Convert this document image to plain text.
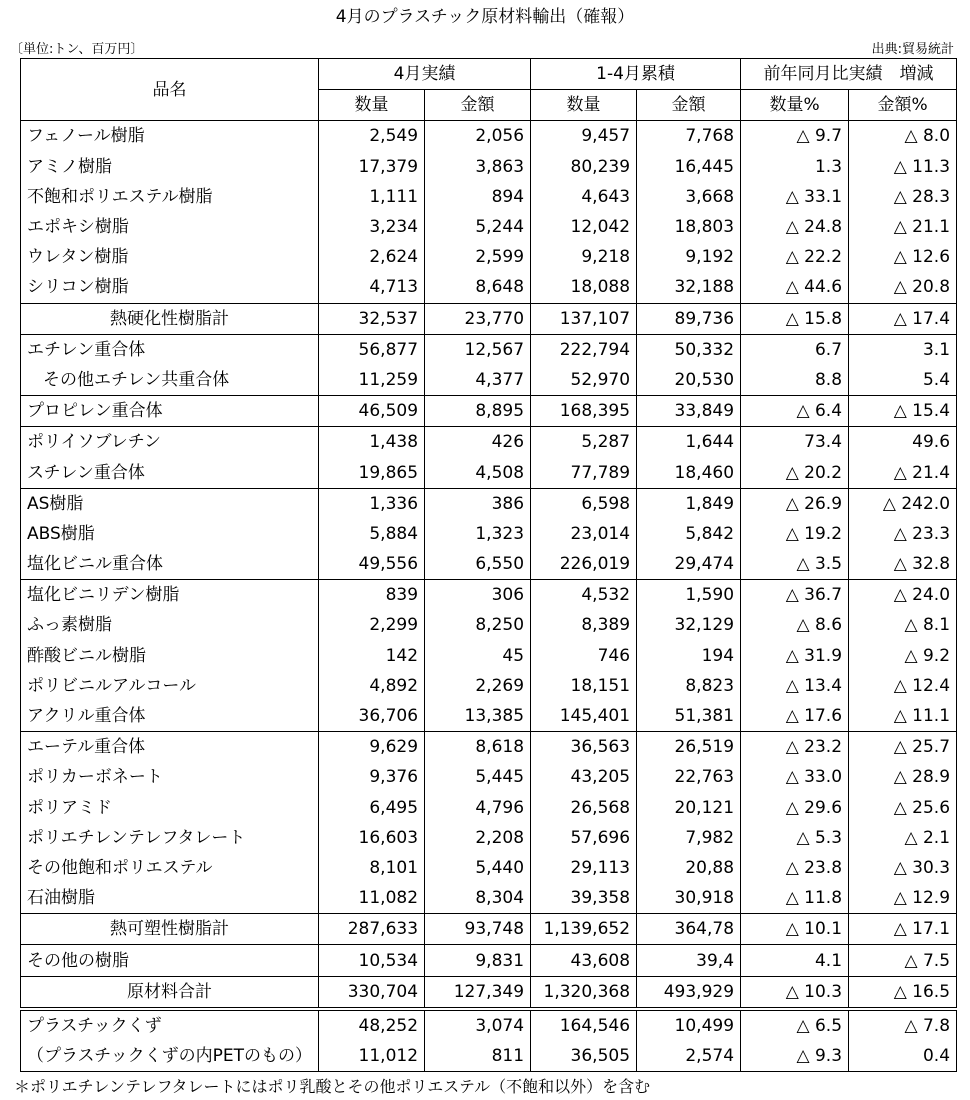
4月のプラスチック原材料輸出（確報）
〔単位:トン、百万円〕	出典:貿易統計
品名	4月実績		1-4月累積		前年同月比実績　増減	
	数量	金額	数量	金額	数量%	金額%
フェノール樹脂	2,549	2,056	9,457	7,768	△ 9.7	△ 8.0
アミノ樹脂	17,379	3,863	80,239	16,445	1.3	△ 11.3
不飽和ポリエステル樹脂	1,111	894	4,643	3,668	△ 33.1	△ 28.3
エポキシ樹脂	3,234	5,244	12,042	18,803	△ 24.8	△ 21.1
ウレタン樹脂	2,624	2,599	9,218	9,192	△ 22.2	△ 12.6
シリコン樹脂	4,713	8,648	18,088	32,188	△ 44.6	△ 20.8
熱硬化性樹脂計	32,537	23,770	137,107	89,736	△ 15.8	△ 17.4
エチレン重合体	56,877	12,567	222,794	50,332	6.7	3.1
その他エチレン共重合体	11,259	4,377	52,970	20,530	8.8	5.4
プロピレン重合体	46,509	8,895	168,395	33,849	△ 6.4	△ 15.4
ポリイソブレチン	1,438	426	5,287	1,644	73.4	49.6
スチレン重合体	19,865	4,508	77,789	18,460	△ 20.2	△ 21.4
AS樹脂	1,336	386	6,598	1,849	△ 26.9	△ 242.0
ABS樹脂	5,884	1,323	23,014	5,842	△ 19.2	△ 23.3
塩化ビニル重合体	49,556	6,550	226,019	29,474	△ 3.5	△ 32.8
塩化ビニリデン樹脂	839	306	4,532	1,590	△ 36.7	△ 24.0
ふっ素樹脂	2,299	8,250	8,389	32,129	△ 8.6	△ 8.1
酢酸ビニル樹脂	142	45	746	194	△ 31.9	△ 9.2
ポリビニルアルコール	4,892	2,269	18,151	8,823	△ 13.4	△ 12.4
アクリル重合体	36,706	13,385	145,401	51,381	△ 17.6	△ 11.1
エーテル重合体	9,629	8,618	36,563	26,519	△ 23.2	△ 25.7
ポリカーボネート	9,376	5,445	43,205	22,763	△ 33.0	△ 28.9
ポリアミド	6,495	4,796	26,568	20,121	△ 29.6	△ 25.6
ポリエチレンテレフタレート	16,603	2,208	57,696	7,982	△ 5.3	△ 2.1
その他飽和ポリエステル	8,101	5,440	29,113	20,88	△ 23.8	△ 30.3
石油樹脂	11,082	8,304	39,358	30,918	△ 11.8	△ 12.9
熱可塑性樹脂計	287,633	93,748	1,139,652	364,78	△ 10.1	△ 17.1
その他の樹脂	10,534	9,831	43,608	39,4	4.1	△ 7.5
原材料合計	330,704	127,349	1,320,368	493,929	△ 10.3	△ 16.5
プラスチックくず	48,252	3,074	164,546	10,499	△ 6.5	△ 7.8
（プラスチックくずの内PETのもの）	11,012	811	36,505	2,574	△ 9.3	0.4
＊ポリエチレンテレフタレートにはポリ乳酸とその他ポリエステル（不飽和以外）を含む
